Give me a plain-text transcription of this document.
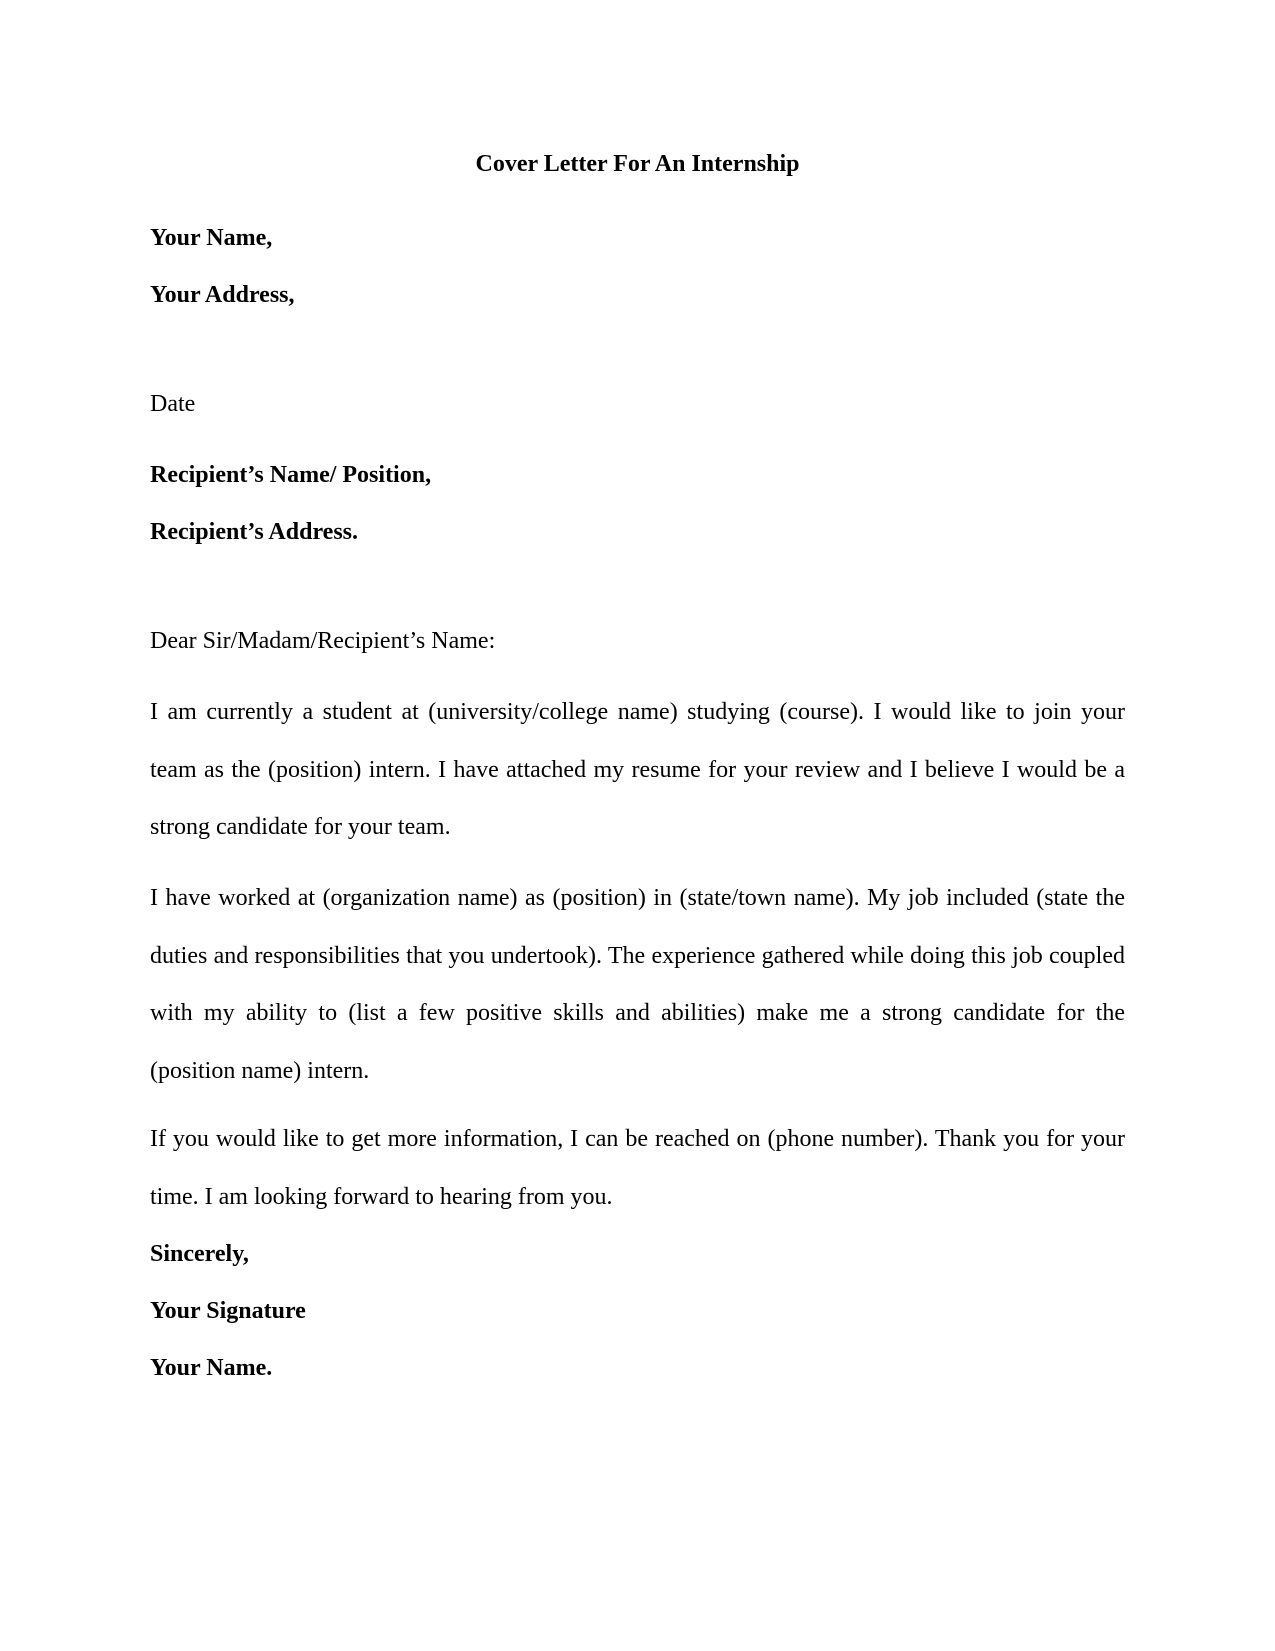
Cover Letter For An Internship
Your Name,
Your Address,
Date
Recipient’s Name/ Position,
Recipient’s Address.
Dear Sir/Madam/Recipient’s Name:
I am currently a student at (university/college name) studying (course). I would like to join your team as the (position) intern. I have attached my resume for your review and I believe I would be a strong candidate for your team.
I have worked at (organization name) as (position) in (state/town name). My job included (state the duties and responsibilities that you undertook). The experience gathered while doing this job coupled with my ability to (list a few positive skills and abilities) make me a strong candidate for the (position name) intern.
If you would like to get more information, I can be reached on (phone number). Thank you for your time. I am looking forward to hearing from you.
Sincerely,
Your Signature
Your Name.
